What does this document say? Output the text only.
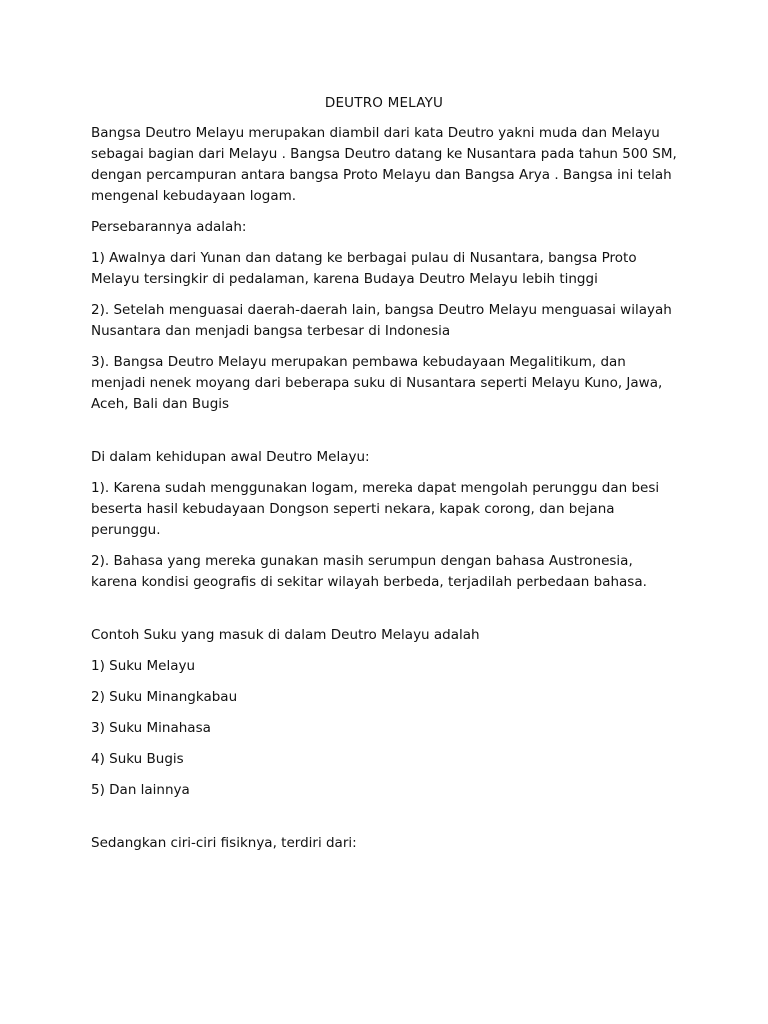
DEUTRO MELAYU

Bangsa Deutro Melayu merupakan diambil dari kata Deutro yakni muda dan Melayu sebagai bagian dari Melayu . Bangsa Deutro datang ke Nusantara pada tahun 500 SM, dengan percampuran antara bangsa Proto Melayu dan Bangsa Arya . Bangsa ini telah mengenal kebudayaan logam.

Persebarannya adalah:

1) Awalnya dari Yunan dan datang ke berbagai pulau di Nusantara, bangsa Proto Melayu tersingkir di pedalaman, karena Budaya Deutro Melayu lebih tinggi

2). Setelah menguasai daerah-daerah lain, bangsa Deutro Melayu menguasai wilayah Nusantara dan menjadi bangsa terbesar di Indonesia

3). Bangsa Deutro Melayu merupakan pembawa kebudayaan Megalitikum, dan menjadi nenek moyang dari beberapa suku di Nusantara seperti Melayu Kuno, Jawa, Aceh, Bali dan Bugis

Di dalam kehidupan awal Deutro Melayu:

1). Karena sudah menggunakan logam, mereka dapat mengolah perunggu dan besi beserta hasil kebudayaan Dongson seperti nekara, kapak corong, dan bejana perunggu.

2). Bahasa yang mereka gunakan masih serumpun dengan bahasa Austronesia, karena kondisi geografis di sekitar wilayah berbeda, terjadilah perbedaan bahasa.

Contoh Suku yang masuk di dalam Deutro Melayu adalah

1) Suku Melayu
2) Suku Minangkabau
3) Suku Minahasa
4) Suku Bugis
5) Dan lainnya

Sedangkan ciri-ciri fisiknya, terdiri dari:
